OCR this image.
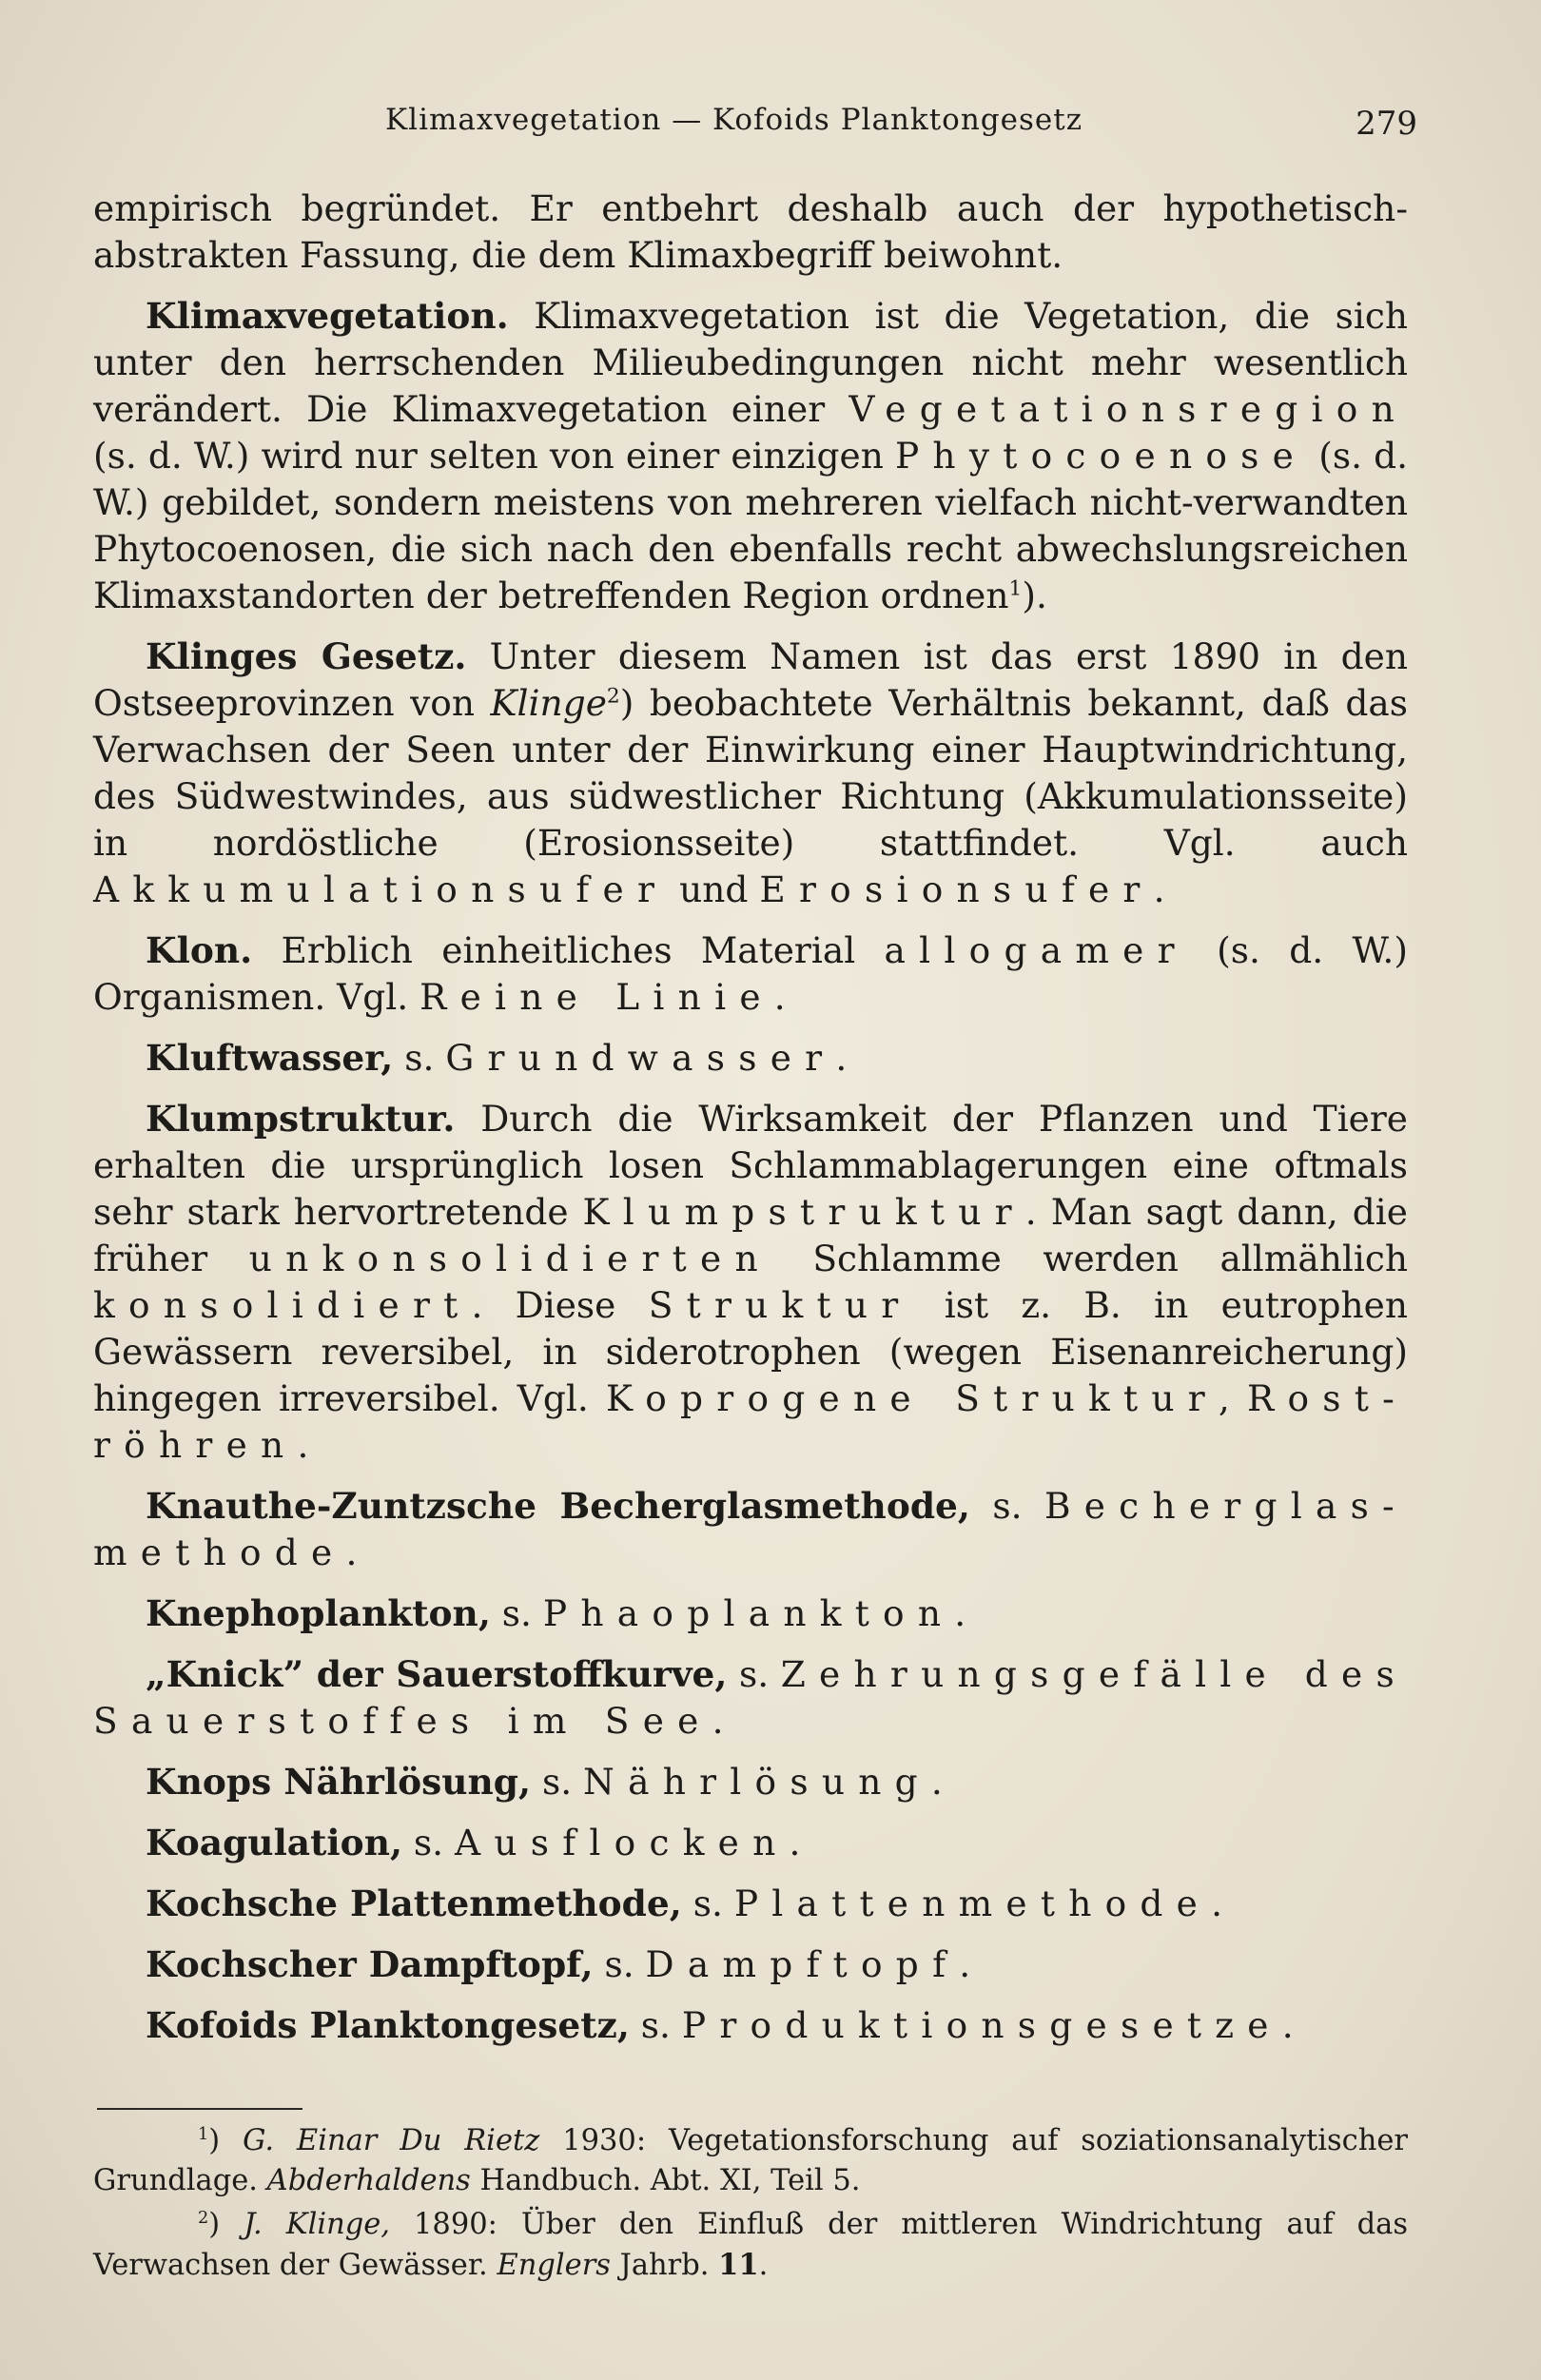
Klimaxvegetation — Kofoids Planktongesetz	279
empirisch begründet. Er entbehrt deshalb auch der hypothetisch-abstrakten Fassung, die dem Klimaxbegriff beiwohnt.
Klimaxvegetation. Klimaxvegetation ist die Vegetation, die sich unter den herrschenden Milieubedingungen nicht mehr wesentlich verändert. Die Klimaxvegetation einer Vegetationsregion (s. d. W.) wird nur selten von einer einzigen Phytocoenose (s. d. W.) gebildet, sondern meistens von mehreren vielfach nicht-verwandten Phytocoenosen, die sich nach den ebenfalls recht abwechslungsreichen Klimaxstandorten der betreffenden Region ordnen$^1$).
Klinges Gesetz. Unter diesem Namen ist das erst 1890 in den Ostseeprovinzen von Klinge$^2$) beobachtete Verhältnis bekannt, daß das Verwachsen der Seen unter der Einwirkung einer Hauptwindrichtung, des Südwestwindes, aus südwestlicher Richtung (Akkumulationsseite) in nordöstliche (Erosionsseite) stattfindet. Vgl. auch Akkumulationsufer und Erosionsufer.
Klon. Erblich einheitliches Material allogamer (s. d. W.) Organismen. Vgl. Reine Linie.
Kluftwasser, s. Grundwasser.
Klumpstruktur. Durch die Wirksamkeit der Pflanzen und Tiere erhalten die ursprünglich losen Schlammablagerungen eine oftmals sehr stark hervortretende Klumpstruktur. Man sagt dann, die früher unkonsolidierten Schlamme werden allmählich konsolidiert. Diese Struktur ist z. B. in eutrophen Gewässern reversibel, in siderotrophen (wegen Eisenanreicherung) hingegen irreversibel. Vgl. Koprogene Struktur, Rost-röhren.
Knauthe-Zuntzsche Becherglasmethode, s. Becherglas-methode.
Knephoplankton, s. Phaoplankton.
„Knick” der Sauerstoffkurve, s. Zehrungsgefälle des Sauerstoffes im See.
Knops Nährlösung, s. Nährlösung.
Koagulation, s. Ausflocken.
Kochsche Plattenmethode, s. Plattenmethode.
Kochscher Dampftopf, s. Dampftopf.
Kofoids Planktongesetz, s. Produktionsgesetze.
$^1$) G. Einar Du Rietz 1930: Vegetationsforschung auf soziationsanalytischer Grundlage. Abderhaldens Handbuch. Abt. XI, Teil 5.
$^2$) J. Klinge, 1890: Über den Einfluß der mittleren Windrichtung auf das Verwachsen der Gewässer. Englers Jahrb. 11.
